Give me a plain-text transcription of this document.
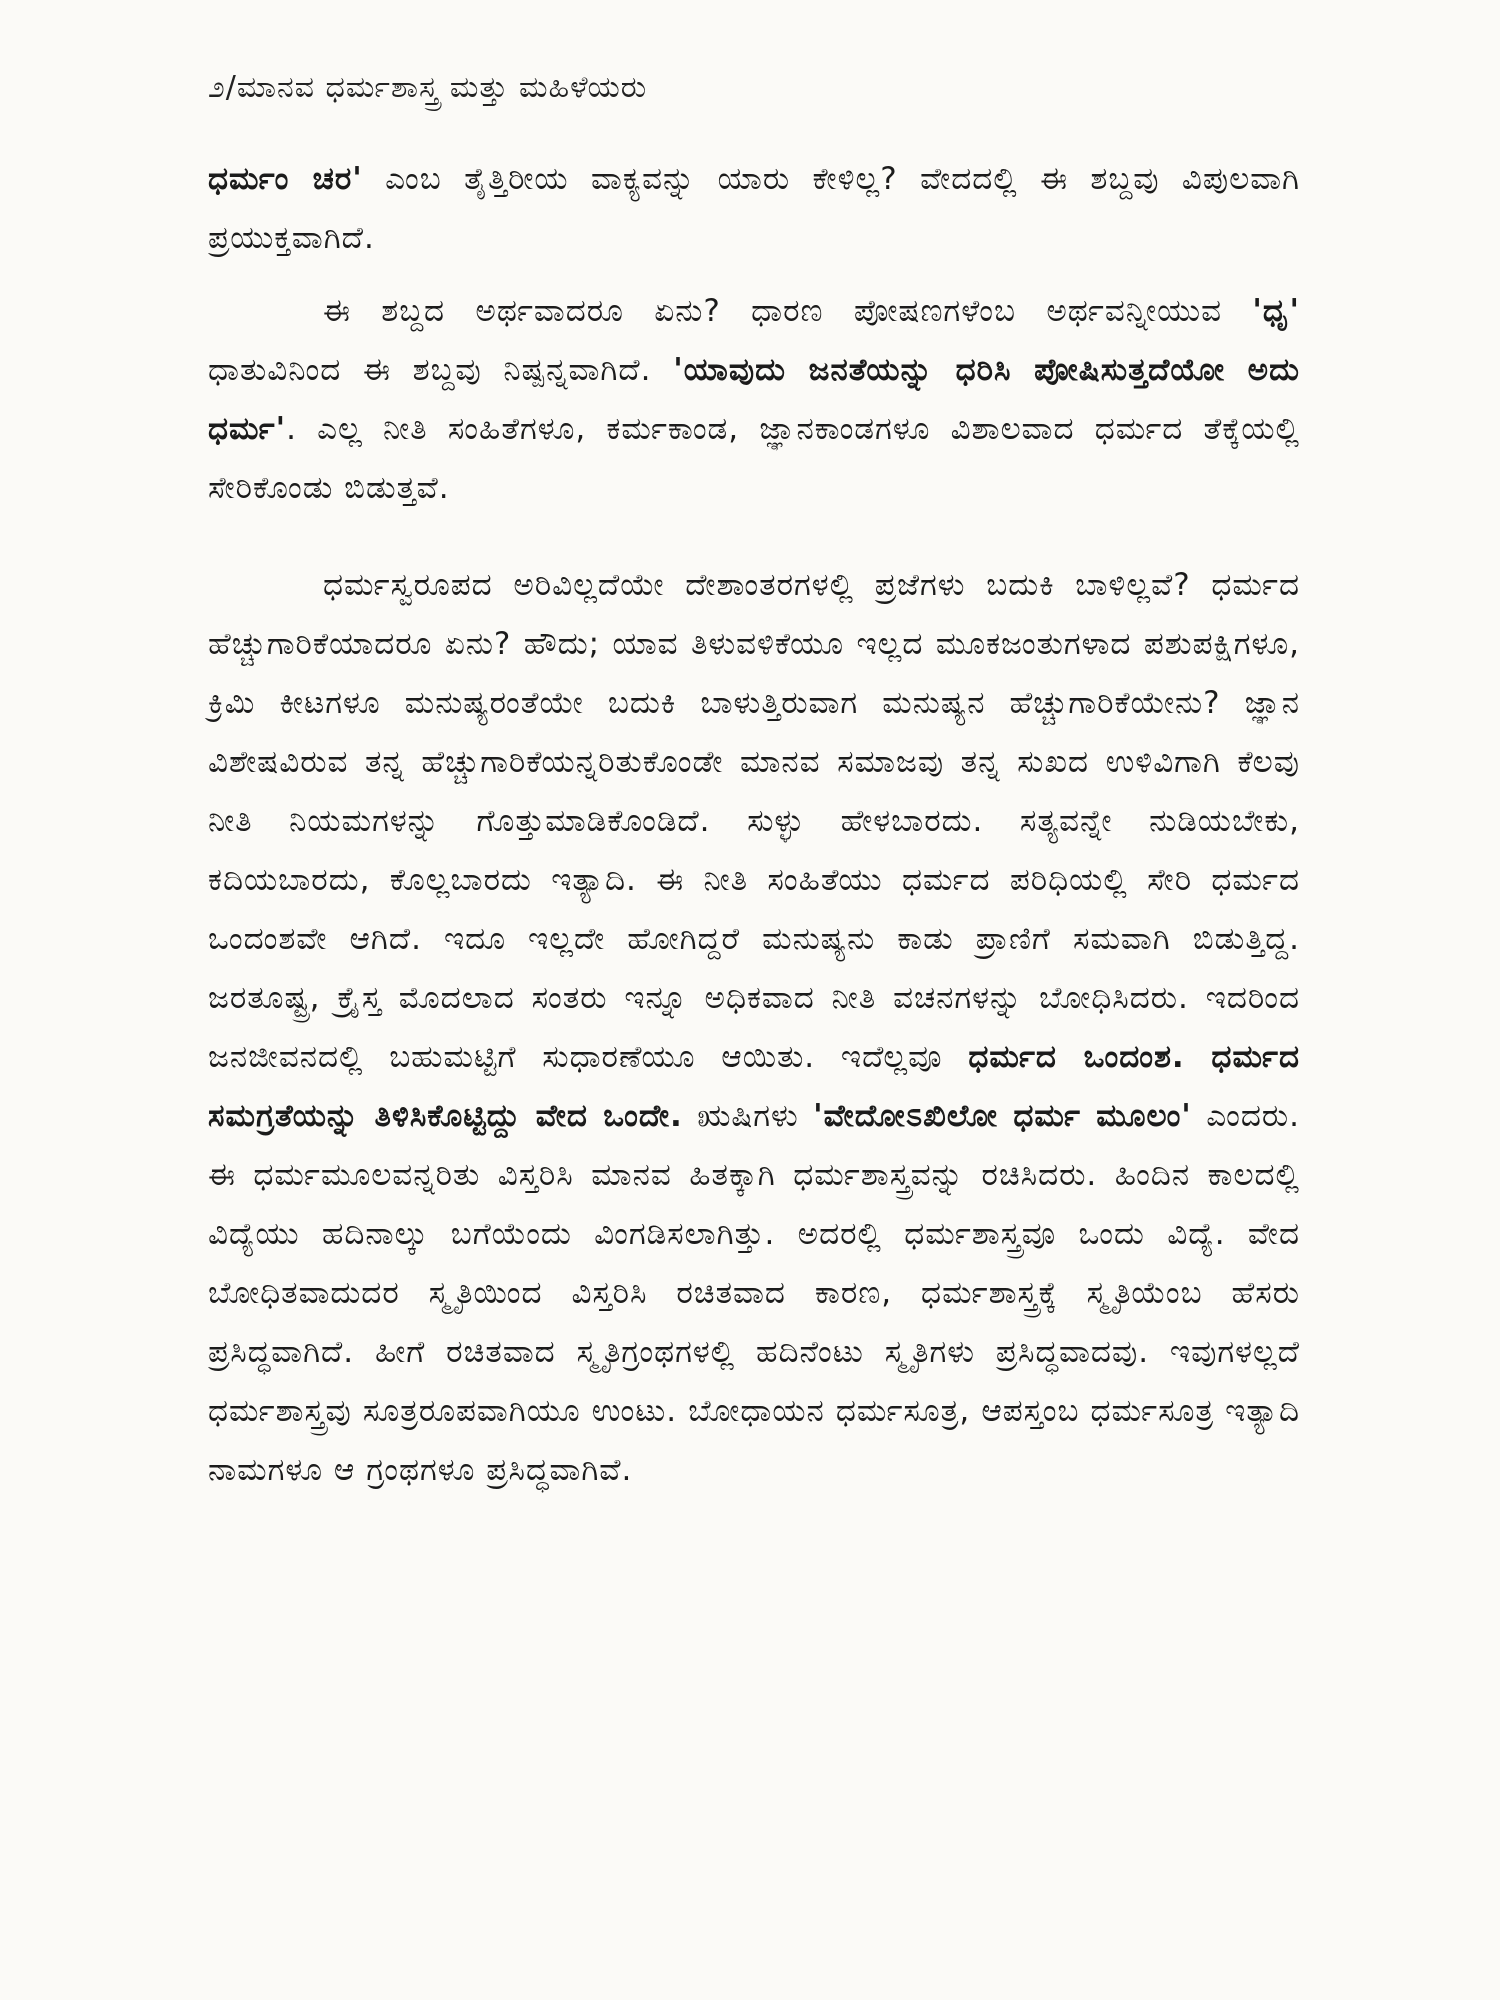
೨/ಮಾನವ ಧರ್ಮಶಾಸ್ತ್ರ ಮತ್ತು ಮಹಿಳೆಯರು

ಧರ್ಮಂ ಚರ' ಎಂಬ ತೈತ್ತಿರೀಯ ವಾಕ್ಯವನ್ನು ಯಾರು ಕೇಳಿಲ್ಲ? ವೇದದಲ್ಲಿ ಈ ಶಬ್ದವು ವಿಪುಲವಾಗಿ ಪ್ರಯುಕ್ತವಾಗಿದೆ.

ಈ ಶಬ್ದದ ಅರ್ಥವಾದರೂ ಏನು? ಧಾರಣ ಪೋಷಣಗಳೆಂಬ ಅರ್ಥವನ್ನೀಯುವ 'ಧೃ' ಧಾತುವಿನಿಂದ ಈ ಶಬ್ದವು ನಿಷ್ಪನ್ನವಾಗಿದೆ. 'ಯಾವುದು ಜನತೆಯನ್ನು ಧರಿಸಿ ಪೋಷಿಸುತ್ತದೆಯೋ ಅದು ಧರ್ಮ'. ಎಲ್ಲ ನೀತಿ ಸಂಹಿತೆಗಳೂ, ಕರ್ಮಕಾಂಡ, ಜ್ಞಾನಕಾಂಡಗಳೂ ವಿಶಾಲವಾದ ಧರ್ಮದ ತೆಕ್ಕೆಯಲ್ಲಿ ಸೇರಿಕೊಂಡು ಬಿಡುತ್ತವೆ.

ಧರ್ಮಸ್ವರೂಪದ ಅರಿವಿಲ್ಲದೆಯೇ ದೇಶಾಂತರಗಳಲ್ಲಿ ಪ್ರಜೆಗಳು ಬದುಕಿ ಬಾಳಿಲ್ಲವೆ? ಧರ್ಮದ ಹೆಚ್ಚುಗಾರಿಕೆಯಾದರೂ ಏನು? ಹೌದು; ಯಾವ ತಿಳುವಳಿಕೆಯೂ ಇಲ್ಲದ ಮೂಕಜಂತುಗಳಾದ ಪಶುಪಕ್ಷಿಗಳೂ, ಕ್ರಿಮಿ ಕೀಟಗಳೂ ಮನುಷ್ಯರಂತೆಯೇ ಬದುಕಿ ಬಾಳುತ್ತಿರುವಾಗ ಮನುಷ್ಯನ ಹೆಚ್ಚುಗಾರಿಕೆಯೇನು? ಜ್ಞಾನ ವಿಶೇಷವಿರುವ ತನ್ನ ಹೆಚ್ಚುಗಾರಿಕೆಯನ್ನರಿತುಕೊಂಡೇ ಮಾನವ ಸಮಾಜವು ತನ್ನ ಸುಖದ ಉಳಿವಿಗಾಗಿ ಕೆಲವು ನೀತಿ ನಿಯಮಗಳನ್ನು ಗೊತ್ತುಮಾಡಿಕೊಂಡಿದೆ. ಸುಳ್ಳು ಹೇಳಬಾರದು. ಸತ್ಯವನ್ನೇ ನುಡಿಯಬೇಕು, ಕದಿಯಬಾರದು, ಕೊಲ್ಲಬಾರದು ಇತ್ಯಾದಿ. ಈ ನೀತಿ ಸಂಹಿತೆಯು ಧರ್ಮದ ಪರಿಧಿಯಲ್ಲಿ ಸೇರಿ ಧರ್ಮದ ಒಂದಂಶವೇ ಆಗಿದೆ. ಇದೂ ಇಲ್ಲದೇ ಹೋಗಿದ್ದರೆ ಮನುಷ್ಯನು ಕಾಡು ಪ್ರಾಣಿಗೆ ಸಮವಾಗಿ ಬಿಡುತ್ತಿದ್ದ. ಜರತೂಷ್ಟ್ರ, ಕ್ರೈಸ್ತ ಮೊದಲಾದ ಸಂತರು ಇನ್ನೂ ಅಧಿಕವಾದ ನೀತಿ ವಚನಗಳನ್ನು ಬೋಧಿಸಿದರು. ಇದರಿಂದ ಜನಜೀವನದಲ್ಲಿ ಬಹುಮಟ್ಟಿಗೆ ಸುಧಾರಣೆಯೂ ಆಯಿತು. ಇದೆಲ್ಲವೂ ಧರ್ಮದ ಒಂದಂಶ. ಧರ್ಮದ ಸಮಗ್ರತೆಯನ್ನು ತಿಳಿಸಿಕೊಟ್ಟಿದ್ದು ವೇದ ಒಂದೇ. ಋಷಿಗಳು 'ವೇದೋಽಖಿಲೋ ಧರ್ಮ ಮೂಲಂ' ಎಂದರು. ಈ ಧರ್ಮಮೂಲವನ್ನರಿತು ವಿಸ್ತರಿಸಿ ಮಾನವ ಹಿತಕ್ಕಾಗಿ ಧರ್ಮಶಾಸ್ತ್ರವನ್ನು ರಚಿಸಿದರು. ಹಿಂದಿನ ಕಾಲದಲ್ಲಿ ವಿದ್ಯೆಯು ಹದಿನಾಲ್ಕು ಬಗೆಯೆಂದು ವಿಂಗಡಿಸಲಾಗಿತ್ತು. ಅದರಲ್ಲಿ ಧರ್ಮಶಾಸ್ತ್ರವೂ ಒಂದು ವಿದ್ಯೆ. ವೇದ ಬೋಧಿತವಾದುದರ ಸ್ಮೃತಿಯಿಂದ ವಿಸ್ತರಿಸಿ ರಚಿತವಾದ ಕಾರಣ, ಧರ್ಮಶಾಸ್ತ್ರಕ್ಕೆ ಸ್ಮೃತಿಯೆಂಬ ಹೆಸರು ಪ್ರಸಿದ್ಧವಾಗಿದೆ. ಹೀಗೆ ರಚಿತವಾದ ಸ್ಮೃತಿಗ್ರಂಥಗಳಲ್ಲಿ ಹದಿನೆಂಟು ಸ್ಮೃತಿಗಳು ಪ್ರಸಿದ್ಧವಾದವು. ಇವುಗಳಲ್ಲದೆ ಧರ್ಮಶಾಸ್ತ್ರವು ಸೂತ್ರರೂಪವಾಗಿಯೂ ಉಂಟು. ಬೋಧಾಯನ ಧರ್ಮಸೂತ್ರ, ಆಪಸ್ತಂಬ ಧರ್ಮಸೂತ್ರ ಇತ್ಯಾದಿ ನಾಮಗಳೂ ಆ ಗ್ರಂಥಗಳೂ ಪ್ರಸಿದ್ಧವಾಗಿವೆ.
